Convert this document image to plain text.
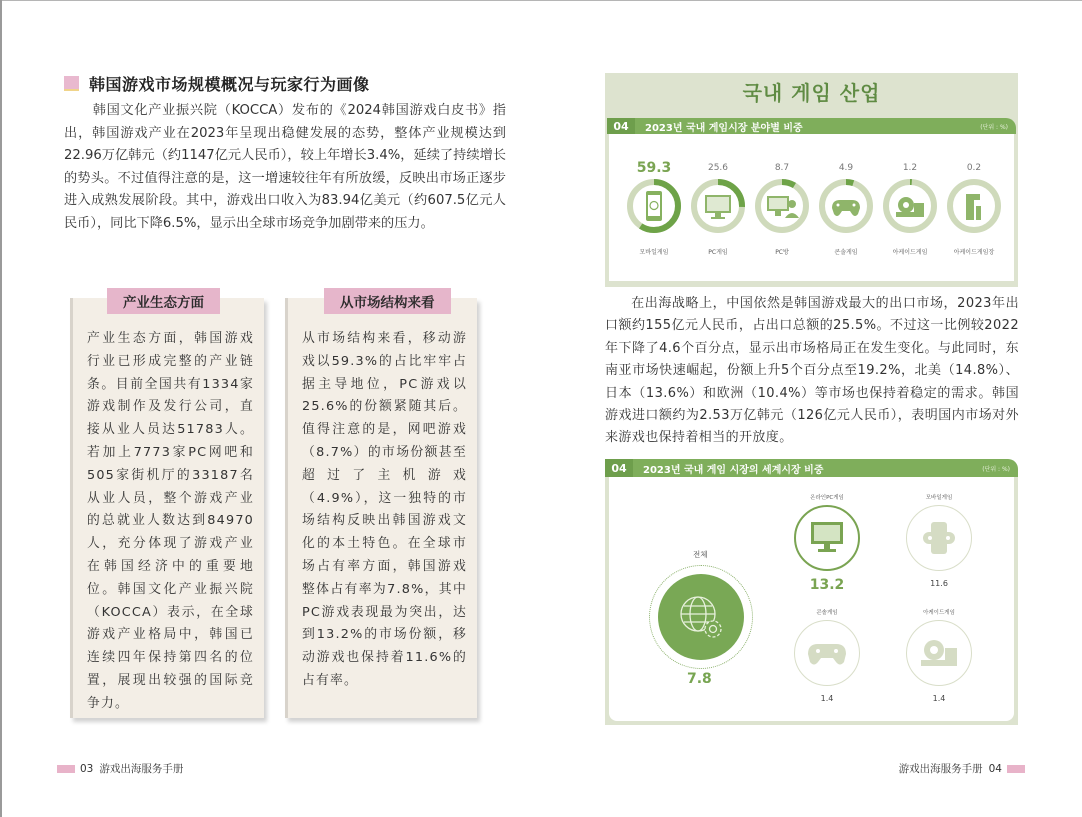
韩国游戏市场规模概况与玩家行为画像
韩国文化产业振兴院（KOCCA）发布的《2024韩国游戏白皮书》指出，韩国游戏产业在2023年呈现出稳健发展的态势，整体产业规模达到22.96万亿韩元（约1147亿元人民币），较上年增长3.4%，延续了持续增长的势头。不过值得注意的是，这一增速较往年有所放缓，反映出市场正逐步进入成熟发展阶段。其中，游戏出口收入为83.94亿美元（约607.5亿元人民币），同比下降6.5%，显示出全球市场竞争加剧带来的压力。
产业生态方面
产业生态方面，韩国游戏行业已形成完整的产业链条。目前全国共有1334家游戏制作及发行公司，直接从业人员达51783人。若加上7773家PC网吧和505家街机厅的33187名从业人员，整个游戏产业的总就业人数达到84970人，充分体现了游戏产业在韩国经济中的重要地位。韩国文化产业振兴院（KOCCA）表示，在全球游戏产业格局中，韩国已连续四年保持第四名的位置，展现出较强的国际竞争力。
从市场结构来看
从市场结构来看，移动游戏以59.3%的占比牢牢占据主导地位，PC游戏以25.6%的份额紧随其后。值得注意的是，网吧游戏（8.7%）的市场份额甚至超过了主机游戏（4.9%），这一独特的市场结构反映出韩国游戏文化的本土特色。在全球市场占有率方面，韩国游戏整体占有率为7.8%，其中PC游戏表现最为突出，达到13.2%的市场份额，移动游戏也保持着11.6%的占有率。
03 游戏出海服务手册
국내 게임 산업
04	2023년 국내 게임시장 분야별 비중	(단위 : %)
59.3
모바일게임
25.6
PC게임
8.7
PC방
4.9
콘솔게임
1.2
아케이드게임
0.2
아케이드게임장
在出海战略上，中国依然是韩国游戏最大的出口市场，2023年出口额约155亿元人民币，占出口总额的25.5%。不过这一比例较2022年下降了4.6个百分点，显示出市场格局正在发生变化。与此同时，东南亚市场快速崛起，份额上升5个百分点至19.2%，北美（14.8%）、日本（13.6%）和欧洲（10.4%）等市场也保持着稳定的需求。韩国游戏进口额约为2.53万亿韩元（126亿元人民币），表明国内市场对外来游戏也保持着相当的开放度。
04	2023년 국내 게임 시장의 세계시장 비중	(단위 : %)
전체
7.8
온라인PC게임
13.2
모바일게임
11.6
콘솔게임
1.4
아케이드게임
1.4
游戏出海服务手册 04
